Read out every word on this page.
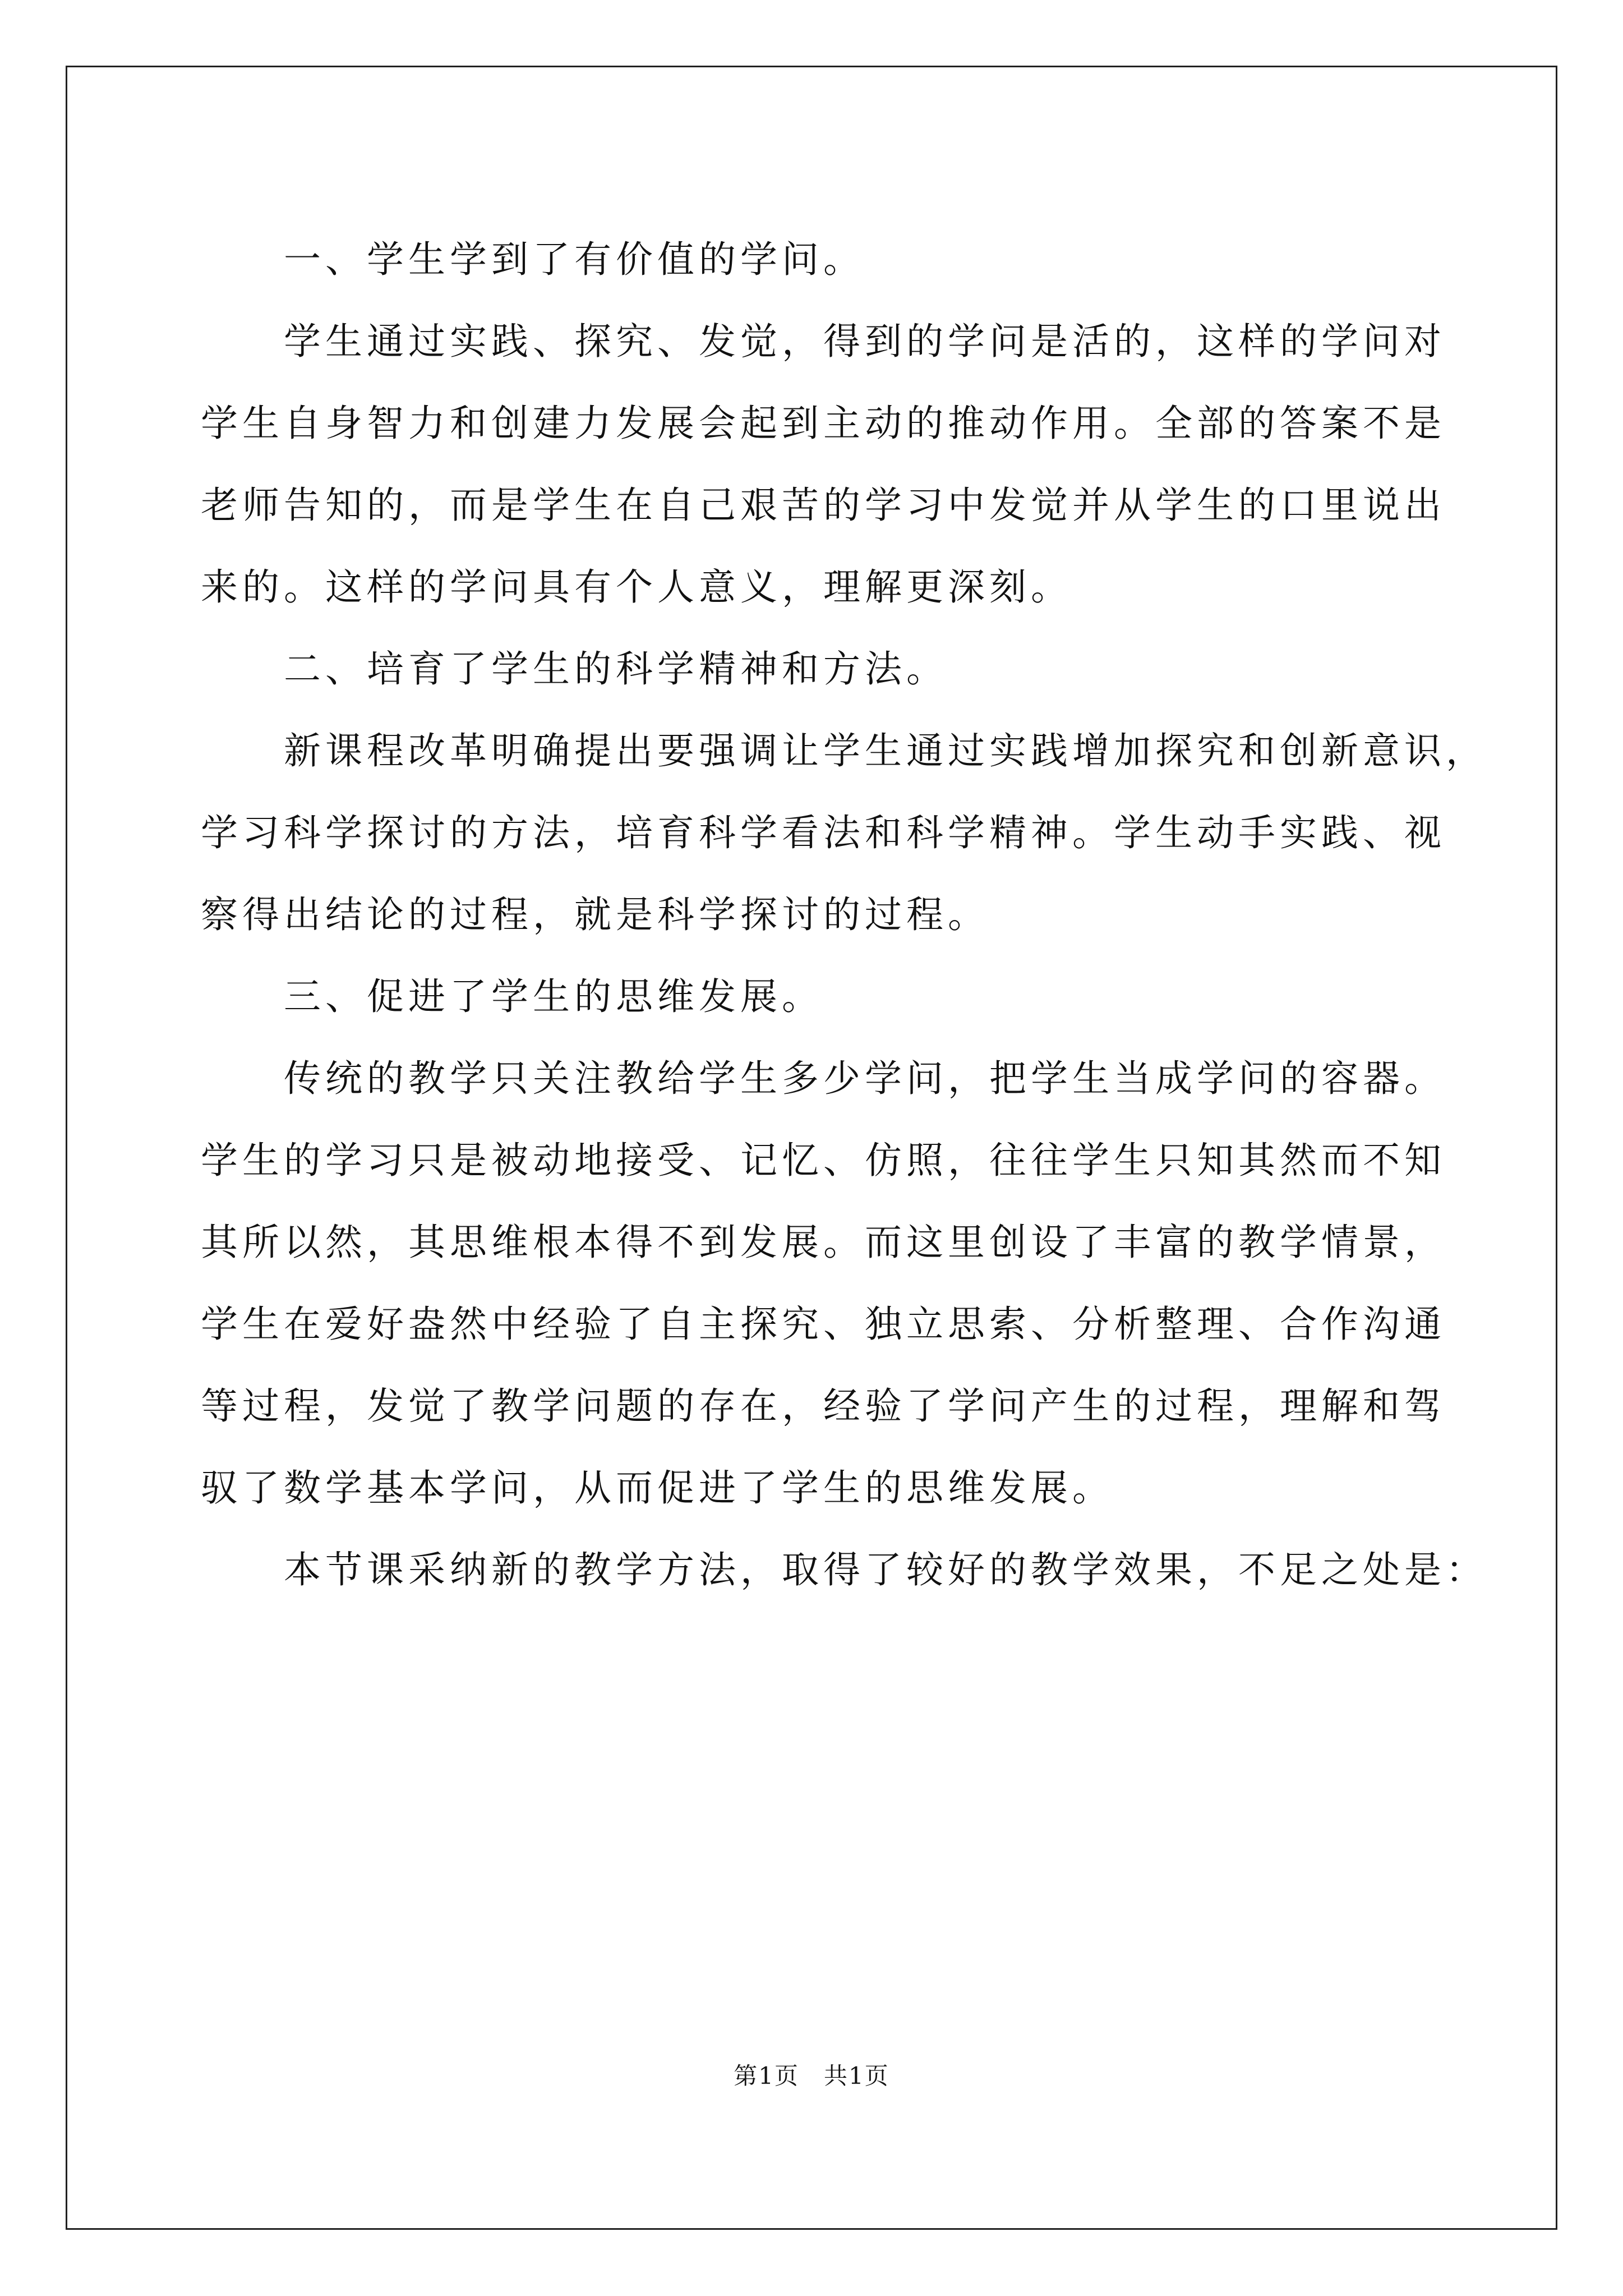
一、学生学到了有价值的学问。
学生通过实践、探究、发觉，得到的学问是活的，这样的学问对
学生自身智力和创建力发展会起到主动的推动作用。全部的答案不是
老师告知的，而是学生在自己艰苦的学习中发觉并从学生的口里说出
来的。这样的学问具有个人意义，理解更深刻。
二、培育了学生的科学精神和方法。
新课程改革明确提出要强调让学生通过实践增加探究和创新意识，
学习科学探讨的方法，培育科学看法和科学精神。学生动手实践、视
察得出结论的过程，就是科学探讨的过程。
三、促进了学生的思维发展。
传统的教学只关注教给学生多少学问，把学生当成学问的容器。
学生的学习只是被动地接受、记忆、仿照，往往学生只知其然而不知
其所以然，其思维根本得不到发展。而这里创设了丰富的教学情景，
学生在爱好盎然中经验了自主探究、独立思索、分析整理、合作沟通
等过程，发觉了教学问题的存在，经验了学问产生的过程，理解和驾
驭了数学基本学问，从而促进了学生的思维发展。
本节课采纳新的教学方法，取得了较好的教学效果，不足之处是：
第1页　共1页
